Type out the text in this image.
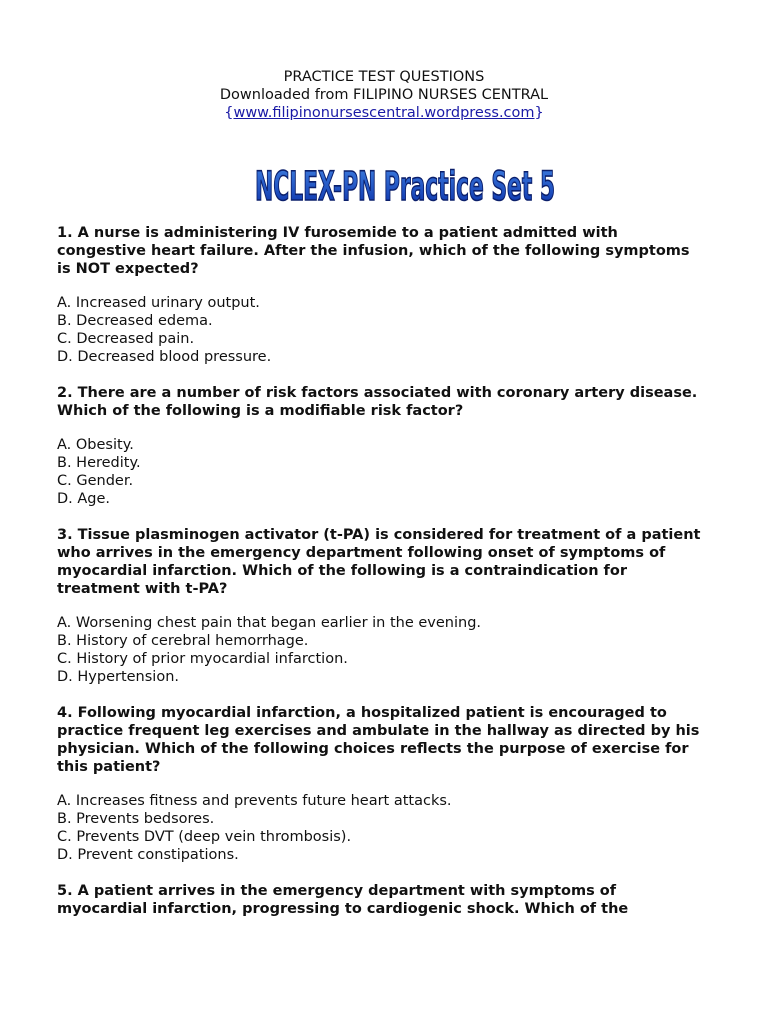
PRACTICE TEST QUESTIONS
Downloaded from FILIPINO NURSES CENTRAL
{www.filipinonursescentral.wordpress.com}
NCLEX-PN Practice Set 5
1. A nurse is administering IV furosemide to a patient admitted with
congestive heart failure. After the infusion, which of the following symptoms
is NOT expected?
A. Increased urinary output.
B. Decreased edema.
C. Decreased pain.
D. Decreased blood pressure.
2. There are a number of risk factors associated with coronary artery disease.
Which of the following is a modifiable risk factor?
A. Obesity.
B. Heredity.
C. Gender.
D. Age.
3. Tissue plasminogen activator (t-PA) is considered for treatment of a patient
who arrives in the emergency department following onset of symptoms of
myocardial infarction. Which of the following is a contraindication for
treatment with t-PA?
A. Worsening chest pain that began earlier in the evening.
B. History of cerebral hemorrhage.
C. History of prior myocardial infarction.
D. Hypertension.
4. Following myocardial infarction, a hospitalized patient is encouraged to
practice frequent leg exercises and ambulate in the hallway as directed by his
physician. Which of the following choices reflects the purpose of exercise for
this patient?
A. Increases fitness and prevents future heart attacks.
B. Prevents bedsores.
C. Prevents DVT (deep vein thrombosis).
D. Prevent constipations.
5. A patient arrives in the emergency department with symptoms of
myocardial infarction, progressing to cardiogenic shock. Which of the
